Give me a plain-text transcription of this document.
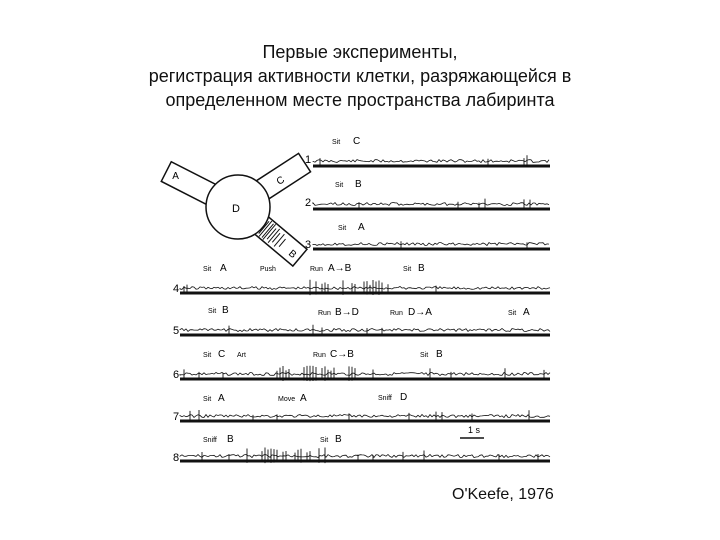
Первые эксперименты,
регистрация активности клетки, разряжающейся в
определенном месте пространства лабиринта
C
B
A
D
1
Sit C
2
Sit B
3
Sit A
4
Sit A	Push	Run A→B	Sit B
5
Sit B	Run B→D	Run D→A	Sit A
6
Sit C Art	Run C→B	Sit B
7
Sit A	Move A	Sniff D
1 s
8
Sniff B	Sit B
O'Keefe, 1976
